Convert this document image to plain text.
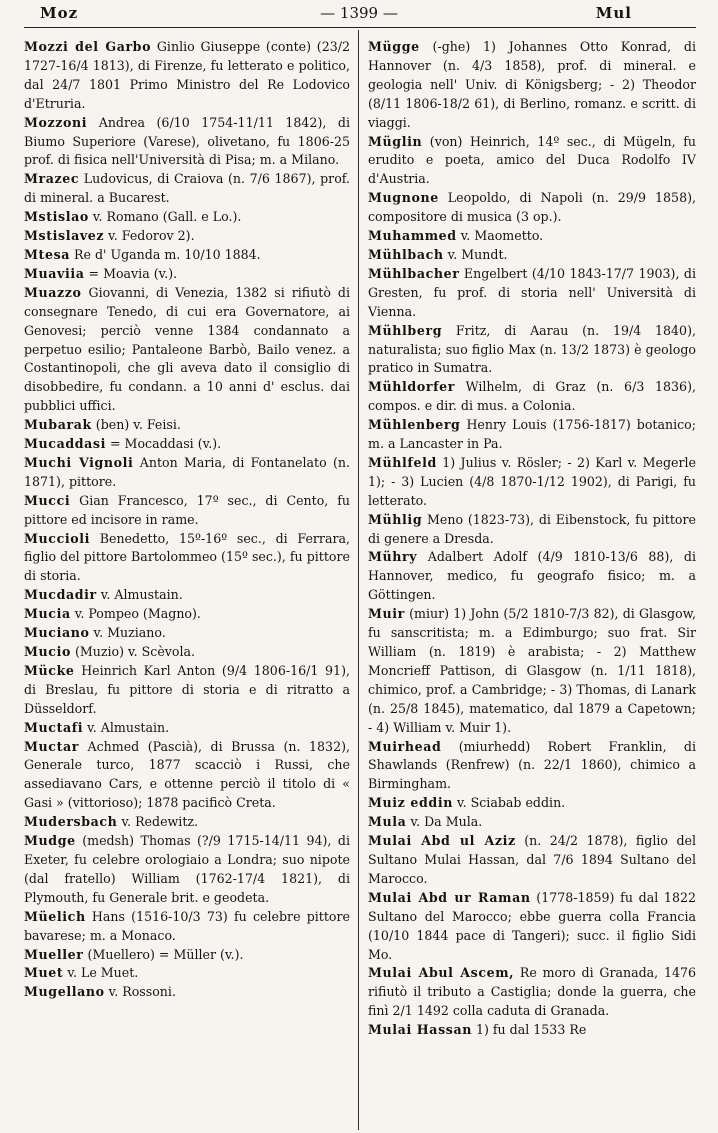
Moz	— 1399 —	Mul

Mozzi del Garbo Ginlio Giuseppe (conte) (23/2 1727-16/4 1813), di Firenze, fu letterato e politico, dal 24/7 1801 Primo Ministro del Re Lodovico d'Etruria.

Mozzoni Andrea (6/10 1754-11/11 1842), di Biumo Superiore (Varese), olivetano, fu 1806-25 prof. di fisica nell'Università di Pisa; m. a Milano.

Mrazec Ludovicus, di Craiova (n. 7/6 1867), prof. di mineral. a Bucarest.

Mstislao v. Romano (Gall. e Lo.).

Mstislavez v. Fedorov 2).

Mtesa Re d' Uganda m. 10/10 1884.

Muaviia = Moavia (v.).

Muazzo Giovanni, di Venezia, 1382 si rifiutò di consegnare Tenedo, di cui era Governatore, ai Genovesi; perciò venne 1384 condannato a perpetuo esilio; Pantaleone Barbò, Bailo venez. a Costantinopoli, che gli aveva dato il consiglio di disobbedire, fu condann. a 10 anni d' esclus. dai pubblici uffici.

Mubarak (ben) v. Feisi.

Mucaddasi = Mocaddasi (v.).

Muchi Vignoli Anton Maria, di Fontanelato (n. 1871), pittore.

Mucci Gian Francesco, 17º sec., di Cento, fu pittore ed incisore in rame.

Muccioli Benedetto, 15º-16º sec., di Ferrara, figlio del pittore Bartolommeo (15º sec.), fu pittore di storia.

Mucdadir v. Almustain.

Mucia v. Pompeo (Magno).

Muciano v. Muziano.

Mucio (Muzio) v. Scèvola.

Mücke Heinrich Karl Anton (9/4 1806-16/1 91), di Breslau, fu pittore di storia e di ritratto a Düsseldorf.

Muctafi v. Almustain.

Muctar Achmed (Pascià), di Brussa (n. 1832), Generale turco, 1877 scacciò i Russi, che assediavano Cars, e ottenne perciò il titolo di « Gasi » (vittorioso); 1878 pacificò Creta.

Mudersbach v. Redewitz.

Mudge (medsh) Thomas (?/9 1715-14/11 94), di Exeter, fu celebre orologiaio a Londra; suo nipote (dal fratello) William (1762-17/4 1821), di Plymouth, fu Generale brit. e geodeta.

Müelich Hans (1516-10/3 73) fu celebre pittore bavarese; m. a Monaco.

Mueller (Muellero) = Müller (v.).

Muet v. Le Muet.

Mugellano v. Rossoni.

Mügge (-ghe) 1) Johannes Otto Konrad, di Hannover (n. 4/3 1858), prof. di mineral. e geologia nell' Univ. di Königsberg; - 2) Theodor (8/11 1806-18/2 61), di Berlino, romanz. e scritt. di viaggi.

Müglin (von) Heinrich, 14º sec., di Mügeln, fu erudito e poeta, amico del Duca Rodolfo IV d'Austria.

Mugnone Leopoldo, di Napoli (n. 29/9 1858), compositore di musica (3 op.).

Muhammed v. Maometto.

Mühlbach v. Mundt.

Mühlbacher Engelbert (4/10 1843-17/7 1903), di Gresten, fu prof. di storia nell' Università di Vienna.

Mühlberg Fritz, di Aarau (n. 19/4 1840), naturalista; suo figlio Max (n. 13/2 1873) è geologo pratico in Sumatra.

Mühldorfer Wilhelm, di Graz (n. 6/3 1836), compos. e dir. di mus. a Colonia.

Mühlenberg Henry Louis (1756-1817) botanico; m. a Lancaster in Pa.

Mühlfeld 1) Julius v. Rösler; - 2) Karl v. Megerle 1); - 3) Lucien (4/8 1870-1/12 1902), di Parigi, fu letterato.

Mühlig Meno (1823-73), di Eibenstock, fu pittore di genere a Dresda.

Mühry Adalbert Adolf (4/9 1810-13/6 88), di Hannover, medico, fu geografo fisico; m. a Göttingen.

Muir (miur) 1) John (5/2 1810-7/3 82), di Glasgow, fu sanscritista; m. a Edimburgo; suo frat. Sir William (n. 1819) è arabista; - 2) Matthew Moncrieff Pattison, di Glasgow (n. 1/11 1818), chimico, prof. a Cambridge; - 3) Thomas, di Lanark (n. 25/8 1845), matematico, dal 1879 a Capetown; - 4) William v. Muir 1).

Muirhead (miurhedd) Robert Franklin, di Shawlands (Renfrew) (n. 22/1 1860), chimico a Birmingham.

Muiz eddin v. Sciabab eddin.

Mula v. Da Mula.

Mulai Abd ul Aziz (n. 24/2 1878), figlio del Sultano Mulai Hassan, dal 7/6 1894 Sultano del Marocco.

Mulai Abd ur Raman (1778-1859) fu dal 1822 Sultano del Marocco; ebbe guerra colla Francia (10/10 1844 pace di Tangeri); succ. il figlio Sidi Mo.

Mulai Abul Ascem, Re moro di Granada, 1476 rifiutò il tributo a Castiglia; donde la guerra, che finì 2/1 1492 colla caduta di Granada.

Mulai Hassan 1) fu dal 1533 Re
